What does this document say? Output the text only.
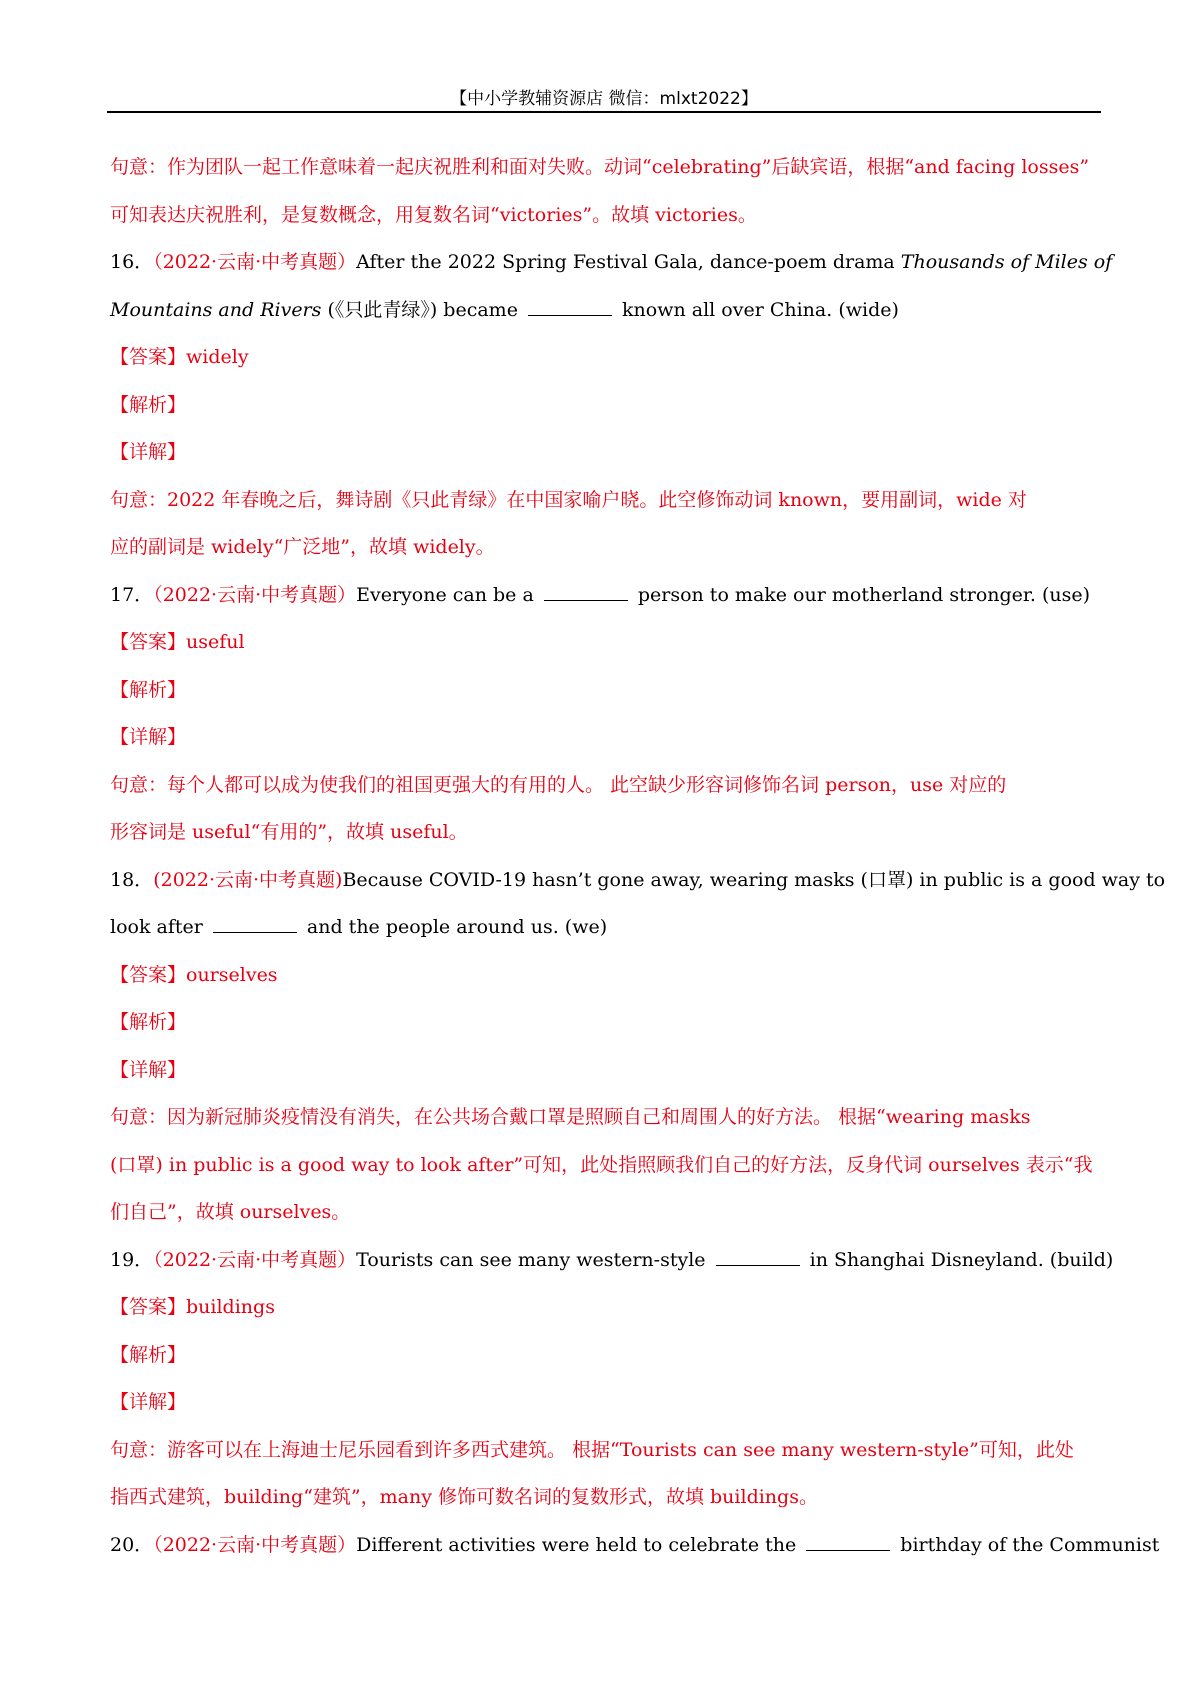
【中小学教辅资源店 微信：mlxt2022】
句意：作为团队一起工作意味着一起庆祝胜利和面对失败。动词“celebrating”后缺宾语，根据“and facing losses”
可知表达庆祝胜利，是复数概念，用复数名词“victories”。故填 victories。
16．（2022·云南·中考真题）After the 2022 Spring Festival Gala, dance-poem drama Thousands of Miles of
Mountains and Rivers (《只此青绿》) became	known all over China. (wide)
【答案】widely
【解析】
【详解】
句意：2022 年春晚之后，舞诗剧《只此青绿》在中国家喻户晓。此空修饰动词 known，要用副词，wide 对
应的副词是 widely“广泛地”，故填 widely。
17．（2022·云南·中考真题）Everyone can be a	person to make our motherland stronger. (use)
【答案】useful
【解析】
【详解】
句意：每个人都可以成为使我们的祖国更强大的有用的人。 此空缺少形容词修饰名词 person，use 对应的
形容词是 useful“有用的”，故填 useful。
18．(2022·云南·中考真题)Because COVID-19 hasn’t gone away, wearing masks (口罩) in public is a good way to
look after	and the people around us. (we)
【答案】ourselves
【解析】
【详解】
句意：因为新冠肺炎疫情没有消失，在公共场合戴口罩是照顾自己和周围人的好方法。 根据“wearing masks
(口罩) in public is a good way to look after”可知，此处指照顾我们自己的好方法，反身代词 ourselves 表示“我
们自己”，故填 ourselves。
19．（2022·云南·中考真题）Tourists can see many western-style	in Shanghai Disneyland. (build)
【答案】buildings
【解析】
【详解】
句意：游客可以在上海迪士尼乐园看到许多西式建筑。 根据“Tourists can see many western-style”可知，此处
指西式建筑，building“建筑”，many 修饰可数名词的复数形式，故填 buildings。
20．（2022·云南·中考真题）Different activities were held to celebrate the	birthday of the Communist
